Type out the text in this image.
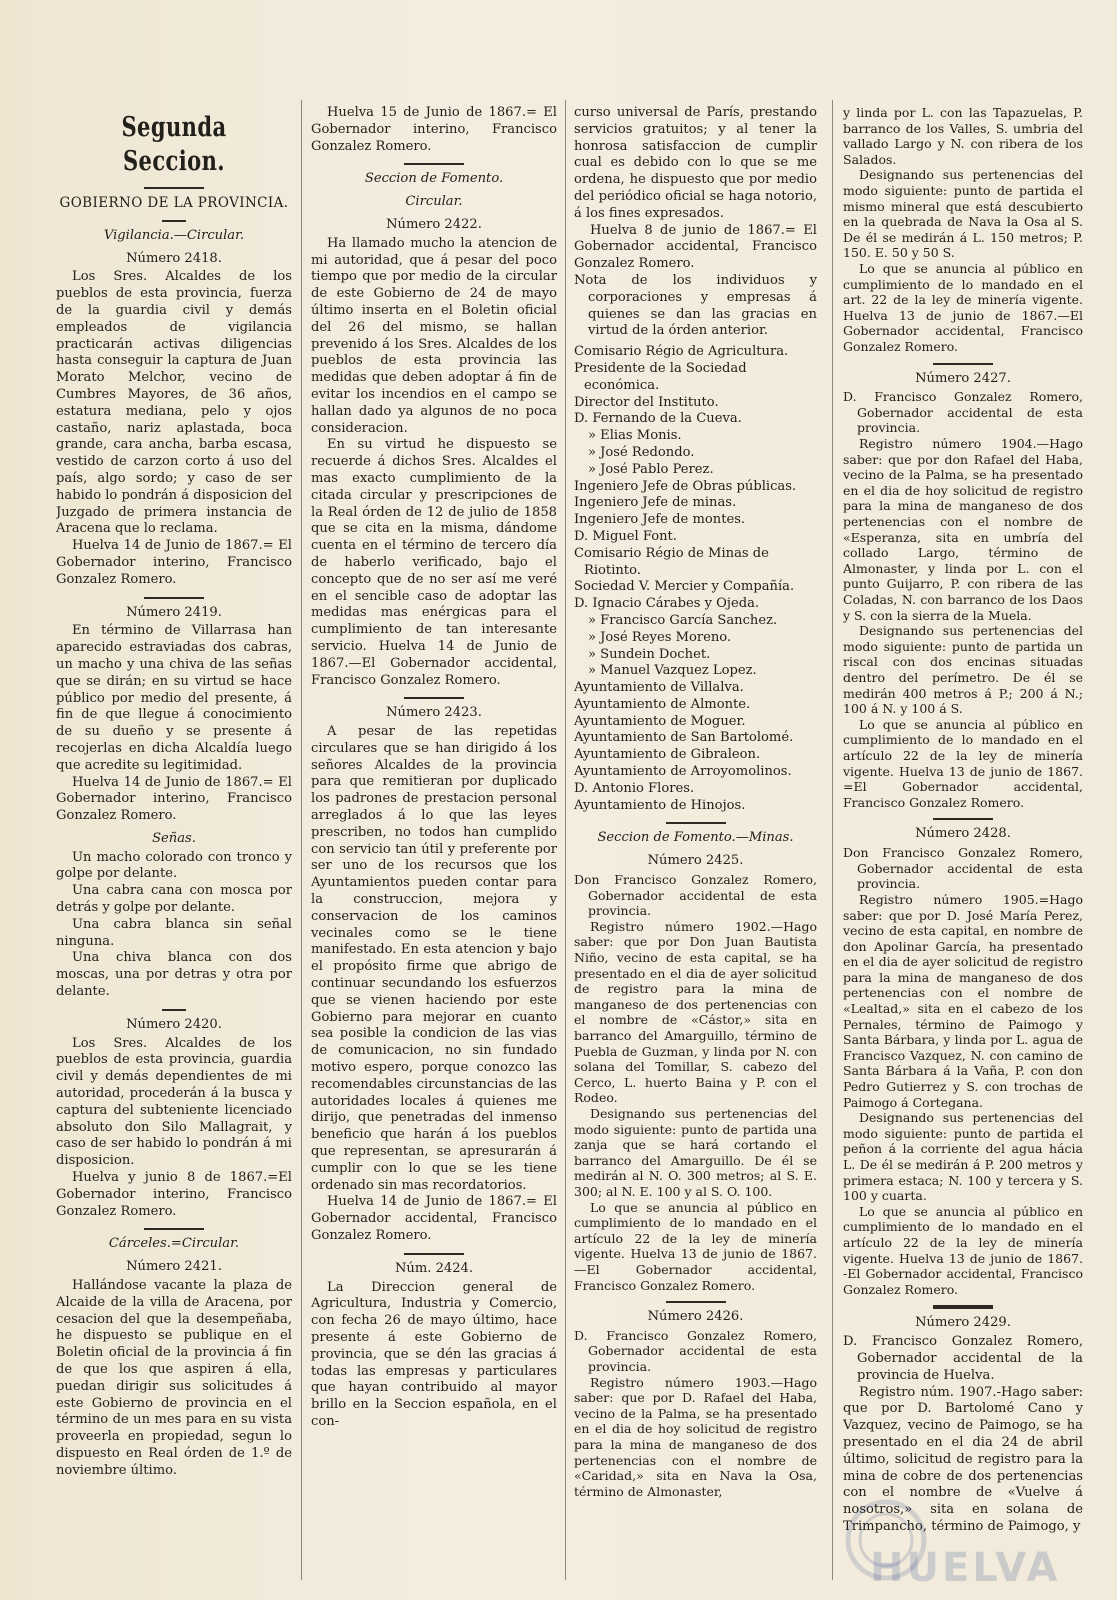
Segunda Seccion.
GOBIERNO DE LA PROVINCIA.
Vigilancia.—Circular.
Número 2418.

Los Sres. Alcaldes de los pueblos de esta provincia, fuerza de la guardia civil y demás empleados de vigilancia practicarán activas diligencias hasta conseguir la captura de Juan Morato Melchor, vecino de Cumbres Mayores, de 36 años, estatura mediana, pelo y ojos castaño, nariz aplastada, boca grande, cara ancha, barba escasa, vestido de carzon corto á uso del país, algo sordo; y caso de ser habido lo pondrán á disposicion del Juzgado de primera instancia de Aracena que lo reclama.

Huelva 14 de Junio de 1867.= El Gobernador interino, Francisco Gonzalez Romero.

Número 2419.

En término de Villarrasa han aparecido estraviadas dos cabras, un macho y una chiva de las señas que se dirán; en su virtud se hace público por medio del presente, á fin de que llegue á conocimiento de su dueño y se presente á recojerlas en dicha Alcaldía luego que acredite su legitimidad.

Huelva 14 de Junio de 1867.= El Gobernador interino, Francisco Gonzalez Romero.

Señas.

Un macho colorado con tronco y golpe por delante.

Una cabra cana con mosca por detrás y golpe por delante.

Una cabra blanca sin señal ninguna.

Una chiva blanca con dos moscas, una por detras y otra por delante.

Número 2420.

Los Sres. Alcaldes de los pueblos de esta provincia, guardia civil y demás dependientes de mi autoridad, procederán á la busca y captura del subteniente licenciado absoluto don Silo Mallagrait, y caso de ser habido lo pondrán á mi disposicion.

Huelva y junio 8 de 1867.=El Gobernador interino, Francisco Gonzalez Romero.

Cárceles.=Circular.
Número 2421.

Hallándose vacante la plaza de Alcaide de la villa de Aracena, por cesacion del que la desempeñaba, he dispuesto se publique en el Boletin oficial de la provincia á fin de que los que aspiren á ella, puedan dirigir sus solicitudes á este Gobierno de provincia en el término de un mes para en su vista proveerla en propiedad, segun lo dispuesto en Real órden de 1.º de noviembre último.

Huelva 15 de Junio de 1867.= El Gobernador interino, Francisco Gonzalez Romero.

Seccion de Fomento.
Circular.
Número 2422.

Ha llamado mucho la atencion de mi autoridad, que á pesar del poco tiempo que por medio de la circular de este Gobierno de 24 de mayo último inserta en el Boletin oficial del 26 del mismo, se hallan prevenido á los Sres. Alcaldes de los pueblos de esta provincia las medidas que deben adoptar á fin de evitar los incendios en el campo se hallan dado ya algunos de no poca consideracion.

En su virtud he dispuesto se recuerde á dichos Sres. Alcaldes el mas exacto cumplimiento de la citada circular y prescripciones de la Real órden de 12 de julio de 1858 que se cita en la misma, dándome cuenta en el término de tercero día de haberlo verificado, bajo el concepto que de no ser así me veré en el sencible caso de adoptar las medidas mas enérgicas para el cumplimiento de tan interesante servicio. Huelva 14 de Junio de 1867.—El Gobernador accidental, Francisco Gonzalez Romero.

Número 2423.

A pesar de las repetidas circulares que se han dirigido á los señores Alcaldes de la provincia para que remitieran por duplicado los padrones de prestacion personal arreglados á lo que las leyes prescriben, no todos han cumplido con servicio tan útil y preferente por ser uno de los recursos que los Ayuntamientos pueden contar para la construccion, mejora y conservacion de los caminos vecinales como se le tiene manifestado. En esta atencion y bajo el propósito firme que abrigo de continuar secundando los esfuerzos que se vienen haciendo por este Gobierno para mejorar en cuanto sea posible la condicion de las vias de comunicacion, no sin fundado motivo espero, porque conozco las recomendables circunstancias de las autoridades locales á quienes me dirijo, que penetradas del inmenso beneficio que harán á los pueblos que representan, se apresurarán á cumplir con lo que se les tiene ordenado sin mas recordatorios.

Huelva 14 de Junio de 1867.= El Gobernador accidental, Francisco Gonzalez Romero.

Núm. 2424.

La Direccion general de Agricultura, Industria y Comercio, con fecha 26 de mayo último, hace presente á este Gobierno de provincia, que se dén las gracias á todas las empresas y particulares que hayan contribuido al mayor brillo en la Seccion española, en el con-

curso universal de París, prestando servicios gratuitos; y al tener la honrosa satisfaccion de cumplir cual es debido con lo que se me ordena, he dispuesto que por medio del periódico oficial se haga notorio, á los fines expresados.

Huelva 8 de junio de 1867.= El Gobernador accidental, Francisco Gonzalez Romero.

Nota de los individuos y corporaciones y empresas á quienes se dan las gracias en virtud de la órden anterior.

Comisario Régio de Agricultura.

Presidente de la Sociedad económica.

Director del Instituto.

D. Fernando de la Cueva.

» Elias Monis.

» José Redondo.

» José Pablo Perez.

Ingeniero Jefe de Obras públicas.

Ingeniero Jefe de minas.

Ingeniero Jefe de montes.

D. Miguel Font.

Comisario Régio de Minas de Riotinto.

Sociedad V. Mercier y Compañía.

D. Ignacio Cárabes y Ojeda.

» Francisco García Sanchez.

» José Reyes Moreno.

» Sundein Dochet.

» Manuel Vazquez Lopez.

Ayuntamiento de Villalva.

Ayuntamiento de Almonte.

Ayuntamiento de Moguer.

Ayuntamiento de San Bartolomé.

Ayuntamiento de Gibraleon.

Ayuntamiento de Arroyomolinos.

D. Antonio Flores.

Ayuntamiento de Hinojos.

Seccion de Fomento.—Minas.
Número 2425.

Don Francisco Gonzalez Romero, Gobernador accidental de esta provincia.

Registro número 1902.—Hago saber: que por Don Juan Bautista Niño, vecino de esta capital, se ha presentado en el dia de ayer solicitud de registro para la mina de manganeso de dos pertenencias con el nombre de «Cástor,» sita en barranco del Amarguillo, término de Puebla de Guzman, y linda por N. con solana del Tomillar, S. cabezo del Cerco, L. huerto Baina y P. con el Rodeo.

Designando sus pertenencias del modo siguiente: punto de partida una zanja que se hará cortando el barranco del Amarguillo. De él se medirán al N. O. 300 metros; al S. E. 300; al N. E. 100 y al S. O. 100.

Lo que se anuncia al público en cumplimiento de lo mandado en el artículo 22 de la ley de minería vigente. Huelva 13 de junio de 1867. —El Gobernador accidental, Francisco Gonzalez Romero.

Número 2426.

D. Francisco Gonzalez Romero, Gobernador accidental de esta provincia.

Registro número 1903.—Hago saber: que por D. Rafael del Haba, vecino de la Palma, se ha presentado en el dia de hoy solicitud de registro para la mina de manganeso de dos pertenencias con el nombre de «Caridad,» sita en Nava la Osa, término de Almonaster,

y linda por L. con las Tapazuelas, P. barranco de los Valles, S. umbria del vallado Largo y N. con ribera de los Salados.

Designando sus pertenencias del modo siguiente: punto de partida el mismo mineral que está descubierto en la quebrada de Nava la Osa al S. De él se medirán á L. 150 metros; P. 150. E. 50 y 50 S.

Lo que se anuncia al público en cumplimiento de lo mandado en el art. 22 de la ley de minería vigente. Huelva 13 de junio de 1867.—El Gobernador accidental, Francisco Gonzalez Romero.

Número 2427.

D. Francisco Gonzalez Romero, Gobernador accidental de esta provincia.

Registro número 1904.—Hago saber: que por don Rafael del Haba, vecino de la Palma, se ha presentado en el dia de hoy solicitud de registro para la mina de manganeso de dos pertenencias con el nombre de «Esperanza, sita en umbría del collado Largo, término de Almonaster, y linda por L. con el punto Guijarro, P. con ribera de las Coladas, N. con barranco de los Daos y S. con la sierra de la Muela.

Designando sus pertenencias del modo siguiente: punto de partida un riscal con dos encinas situadas dentro del perímetro. De él se medirán 400 metros á P.; 200 á N.; 100 á N. y 100 á S.

Lo que se anuncia al público en cumplimiento de lo mandado en el artículo 22 de la ley de minería vigente. Huelva 13 de junio de 1867. =El Gobernador accidental, Francisco Gonzalez Romero.

Número 2428.

Don Francisco Gonzalez Romero, Gobernador accidental de esta provincia.

Registro número 1905.=Hago saber: que por D. José María Perez, vecino de esta capital, en nombre de don Apolinar García, ha presentado en el dia de ayer solicitud de registro para la mina de manganeso de dos pertenencias con el nombre de «Lealtad,» sita en el cabezo de los Pernales, término de Paimogo y Santa Bárbara, y linda por L. agua de Francisco Vazquez, N. con camino de Santa Bárbara á la Vaña, P. con don Pedro Gutierrez y S. con trochas de Paimogo á Cortegana.

Designando sus pertenencias del modo siguiente: punto de partida el peñon á la corriente del agua hácia L. De él se medirán á P. 200 metros y primera estaca; N. 100 y tercera y S. 100 y cuarta.

Lo que se anuncia al público en cumplimiento de lo mandado en el artículo 22 de la ley de minería vigente. Huelva 13 de junio de 1867. -El Gobernador accidental, Francisco Gonzalez Romero.

Número 2429.

D. Francisco Gonzalez Romero, Gobernador accidental de la provincia de Huelva.

Registro núm. 1907.-Hago saber: que por D. Bartolomé Cano y Vazquez, vecino de Paimogo, se ha presentado en el dia 24 de abril último, solicitud de registro para la mina de cobre de dos pertenencias con el nombre de «Vuelve á nosotros,» sita en solana de Trimpancho, término de Paimogo, y

HUELVA
